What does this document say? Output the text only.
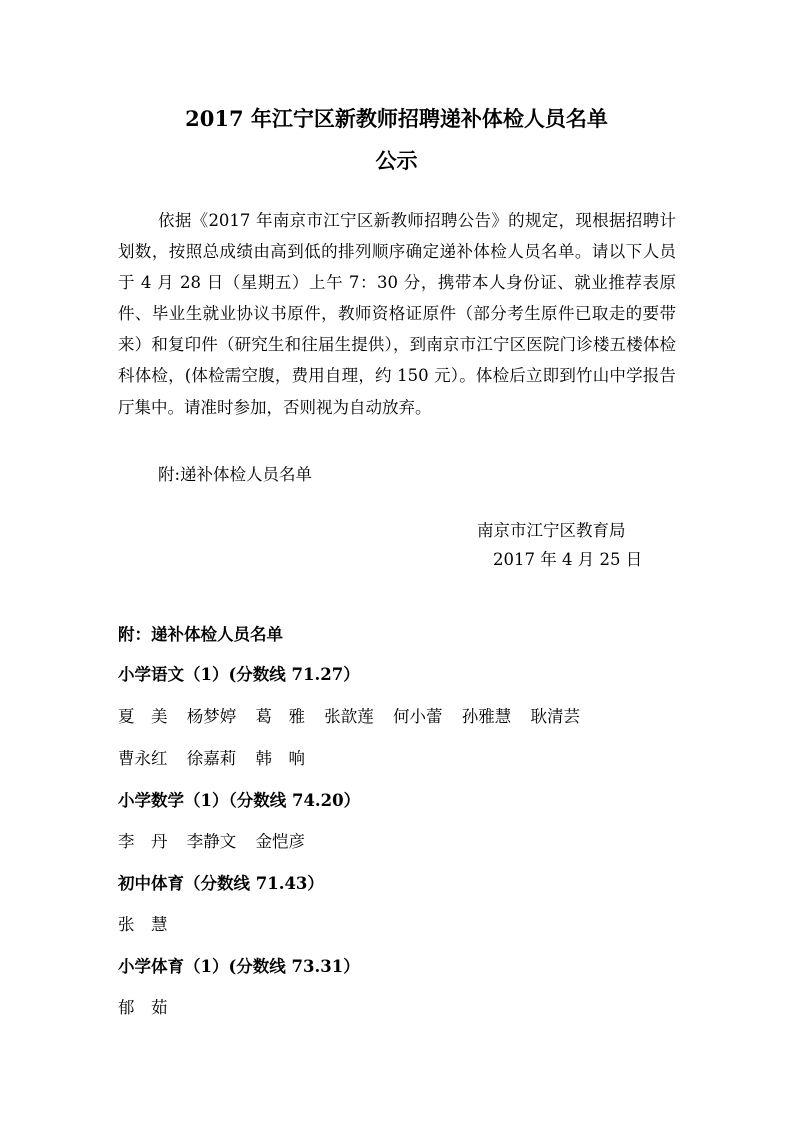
2017 年江宁区新教师招聘递补体检人员名单
公示
依据《2017 年南京市江宁区新教师招聘公告》的规定，现根据招聘计划数，按照总成绩由高到低的排列顺序确定递补体检人员名单。请以下人员于 4 月 28 日（星期五）上午 7：30 分，携带本人身份证、就业推荐表原件、毕业生就业协议书原件，教师资格证原件（部分考生原件已取走的要带来）和复印件（研究生和往届生提供），到南京市江宁区医院门诊楼五楼体检科体检，(体检需空腹，费用自理，约 150 元）。体检后立即到竹山中学报告厅集中。请准时参加，否则视为自动放弃。
附:递补体检人员名单
南京市江宁区教育局
2017 年 4 月 25 日
附：递补体检人员名单
小学语文（1）(分数线 71.27）
夏　美 杨梦婷 葛　雅 张歆莲 何小蕾 孙雅慧 耿清芸
曹永红 徐嘉莉 韩　响
小学数学（1）（分数线 74.20）
李　丹 李静文 金恺彦
初中体育（分数线 71.43）
张　慧
小学体育（1）(分数线 73.31）
郁　茹
